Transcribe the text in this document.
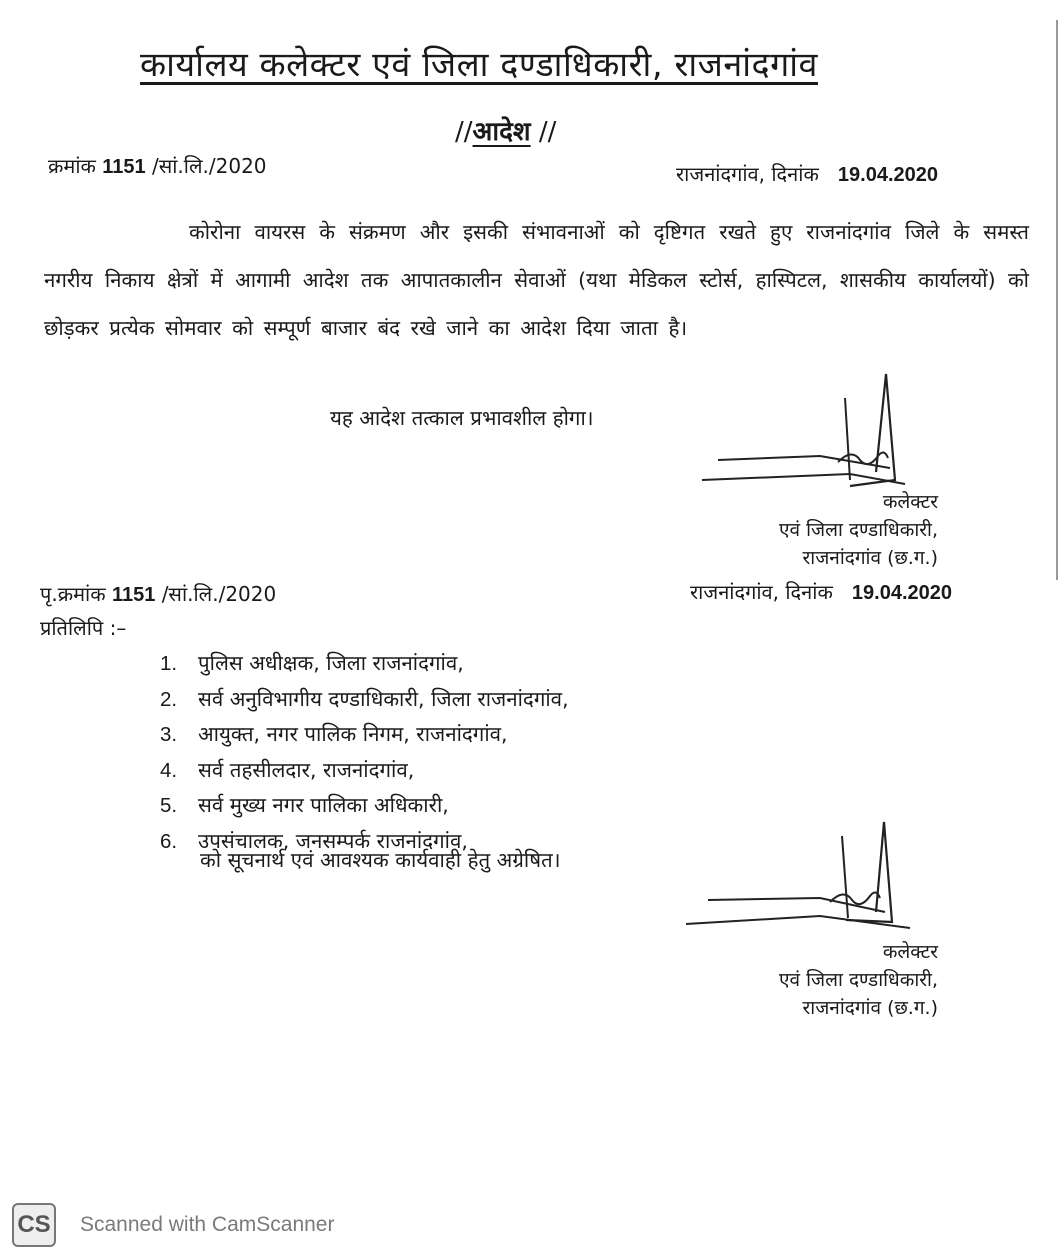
कार्यालय कलेक्टर एवं जिला दण्डाधिकारी, राजनांदगांव
//आदेश //
क्रमांक 1151 /सां.लि./2020	राजनांदगांव, दिनांक 19.04.2020
कोरोना वायरस के संक्रमण और इसकी संभावनाओं को दृष्टिगत रखते हुए राजनांदगांव जिले के समस्त नगरीय निकाय क्षेत्रों में आगामी आदेश तक आपातकालीन सेवाओं (यथा मेडिकल स्टोर्स, हास्पिटल, शासकीय कार्यालयों) को छोड़कर प्रत्येक सोमवार को सम्पूर्ण बाजार बंद रखे जाने का आदेश दिया जाता है।
यह आदेश तत्काल प्रभावशील होगा।
कलेक्टर
एवं जिला दण्डाधिकारी,
राजनांदगांव (छ.ग.)
पृ.क्रमांक 1151 /सां.लि./2020	राजनांदगांव, दिनांक 19.04.2020
प्रतिलिपि :–
1. पुलिस अधीक्षक, जिला राजनांदगांव,
2. सर्व अनुविभागीय दण्डाधिकारी, जिला राजनांदगांव,
3. आयुक्त, नगर पालिक निगम, राजनांदगांव,
4. सर्व तहसीलदार, राजनांदगांव,
5. सर्व मुख्य नगर पालिका अधिकारी,
6. उपसंचालक, जनसम्पर्क राजनांदगांव,
को सूचनार्थ एवं आवश्यक कार्यवाही हेतु अग्रेषित।
कलेक्टर
एवं जिला दण्डाधिकारी,
राजनांदगांव (छ.ग.)
CS Scanned with CamScanner
